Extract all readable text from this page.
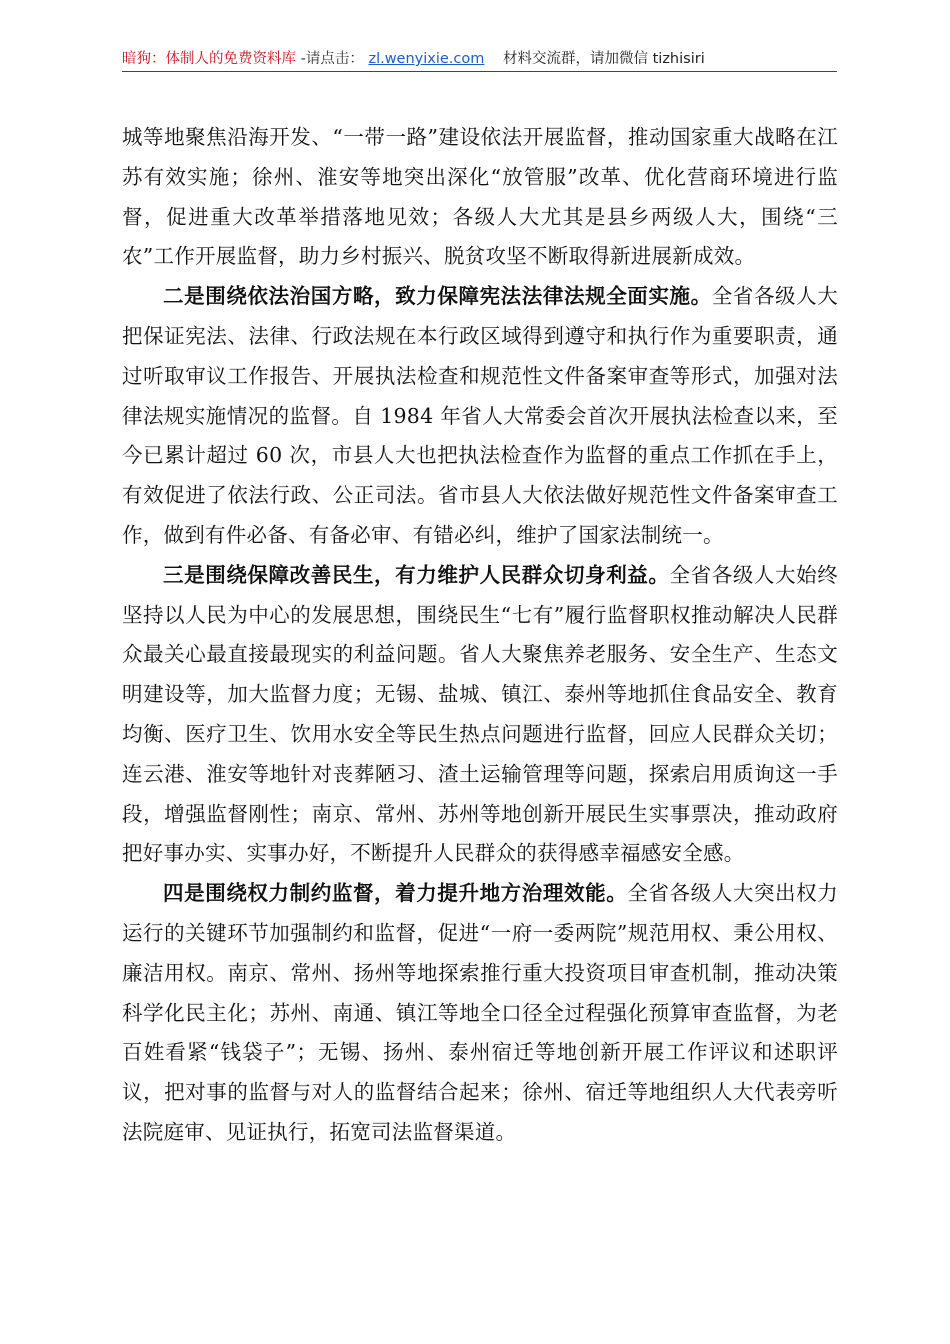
暗狗：体制人的免费资料库 -请点击： zl.wenyixie.com 材料交流群，请加微信 tizhisiri

城等地聚焦沿海开发、“一带一路”建设依法开展监督，推动国家重大战略在江苏有效实施；徐州、淮安等地突出深化“放管服”改革、优化营商环境进行监督，促进重大改革举措落地见效；各级人大尤其是县乡两级人大，围绕“三农”工作开展监督，助力乡村振兴、脱贫攻坚不断取得新进展新成效。

二是围绕依法治国方略，致力保障宪法法律法规全面实施。全省各级人大把保证宪法、法律、行政法规在本行政区域得到遵守和执行作为重要职责，通过听取审议工作报告、开展执法检查和规范性文件备案审查等形式，加强对法律法规实施情况的监督。自 1984 年省人大常委会首次开展执法检查以来，至今已累计超过 60 次，市县人大也把执法检查作为监督的重点工作抓在手上，有效促进了依法行政、公正司法。省市县人大依法做好规范性文件备案审查工作，做到有件必备、有备必审、有错必纠，维护了国家法制统一。

三是围绕保障改善民生，有力维护人民群众切身利益。全省各级人大始终坚持以人民为中心的发展思想，围绕民生“七有”履行监督职权推动解决人民群众最关心最直接最现实的利益问题。省人大聚焦养老服务、安全生产、生态文明建设等，加大监督力度；无锡、盐城、镇江、泰州等地抓住食品安全、教育均衡、医疗卫生、饮用水安全等民生热点问题进行监督，回应人民群众关切；连云港、淮安等地针对丧葬陋习、渣土运输管理等问题，探索启用质询这一手段，增强监督刚性；南京、常州、苏州等地创新开展民生实事票决，推动政府把好事办实、实事办好，不断提升人民群众的获得感幸福感安全感。

四是围绕权力制约监督，着力提升地方治理效能。全省各级人大突出权力运行的关键环节加强制约和监督，促进“一府一委两院”规范用权、秉公用权、廉洁用权。南京、常州、扬州等地探索推行重大投资项目审查机制，推动决策科学化民主化；苏州、南通、镇江等地全口径全过程强化预算审查监督，为老百姓看紧“钱袋子”；无锡、扬州、泰州宿迁等地创新开展工作评议和述职评议，把对事的监督与对人的监督结合起来；徐州、宿迁等地组织人大代表旁听法院庭审、见证执行，拓宽司法监督渠道。
